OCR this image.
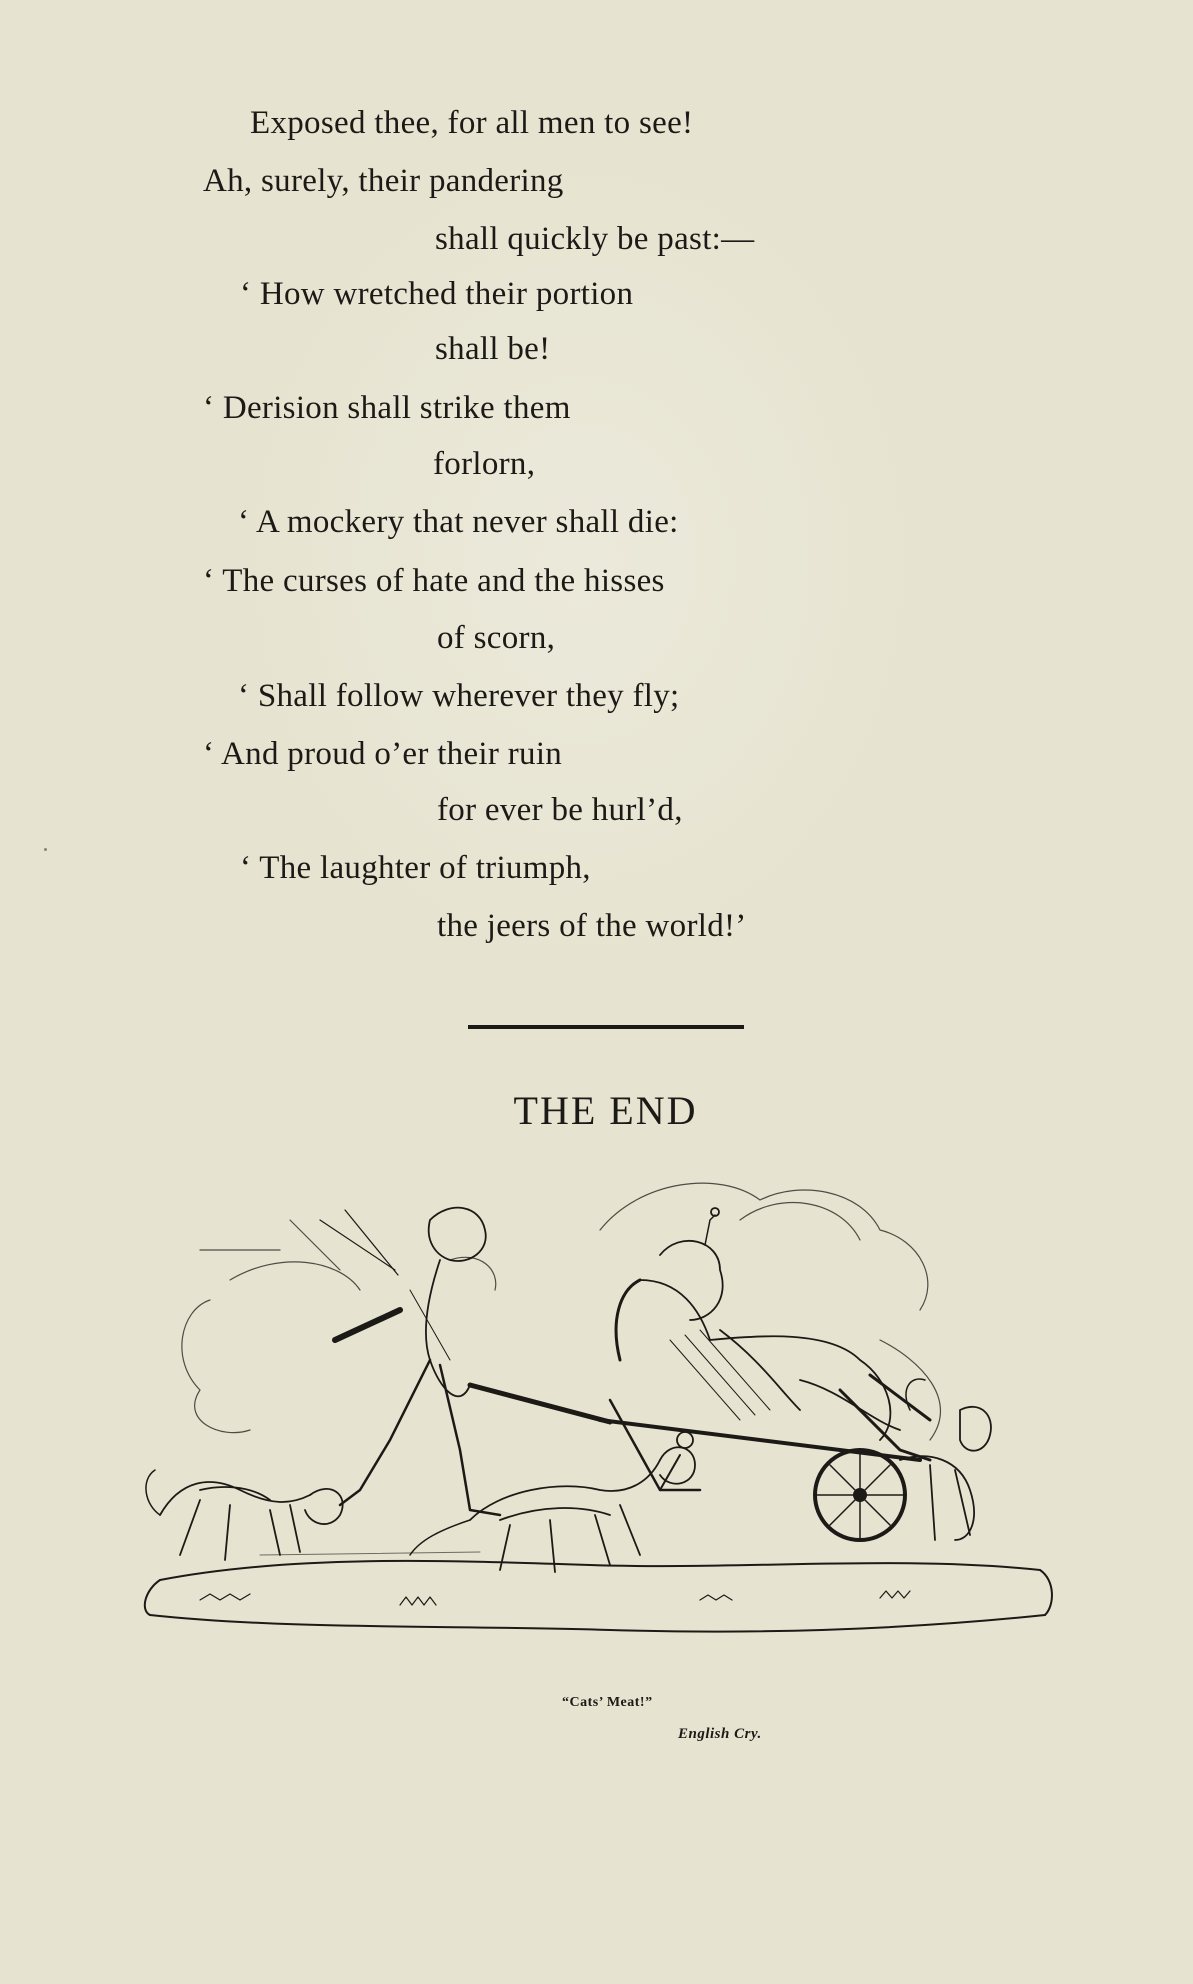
Exposed thee, for all men to see!
Ah, surely, their pandering
shall quickly be past:—
‘ How wretched their portion
shall be!
‘ Derision shall strike them
forlorn,
‘ A mockery that never shall die:
‘ The curses of hate and the hisses
of scorn,
‘ Shall follow wherever they fly;
‘ And proud o’er their ruin
for ever be hurl’d,
‘ The laughter of triumph,
the jeers of the world!’
THE END
“Cats’ Meat!”
English Cry.
